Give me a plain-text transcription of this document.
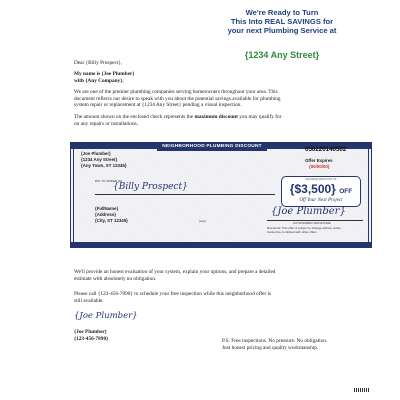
We're Ready to Turn
This Into REAL SAVINGS for
your next Plumbing Service at
{1234 Any Street}
Dear {Billy Prospect},
My name is {Joe Plumber}
with {Any Company}.
We are one of the premier plumbing companies serving homeowners throughout your area. This
document reflects our desire to speak with you about the potential savings available for plumbing
system repair or replacement at {1234 Any Street} pending a visual inspection.
The amount shown on the enclosed check represents the maximum discount you may qualify for
on any repairs or installations.
NEIGHBORHOOD PLUMBING DISCOUNT	050220140502
{Joe Plumber}
{1234 Any Street}
{Any Town, ST 12345}
Offer Expires
{00/00/00}
MAXIMUM DISCOUNT OF
{$3,500} OFF
Off Your Next Project
PAY TO ORDER OF:
{Billy Prospect}
{FullName}
{Address}
{City, ST 12345}	(exp)
{Joe Plumber}
AUTHORIZED SIGNATURE
Discounts: This offer is subject to change without notice.
Cannot be combined with other offers.
THIS IS NOT A REAL CHECK
We'll provide an honest evaluation of your system, explain your options, and prepare a detailed
estimate with absolutely no obligation.
Please call {123-456-7890} to schedule your free inspection while this neighborhood offer is
still available.
{Joe Plumber}
{Joe Plumber}
{123-456-7890}	P.S. Free inspections. No pressure. No obligation.
Just honest pricing and quality workmanship.
